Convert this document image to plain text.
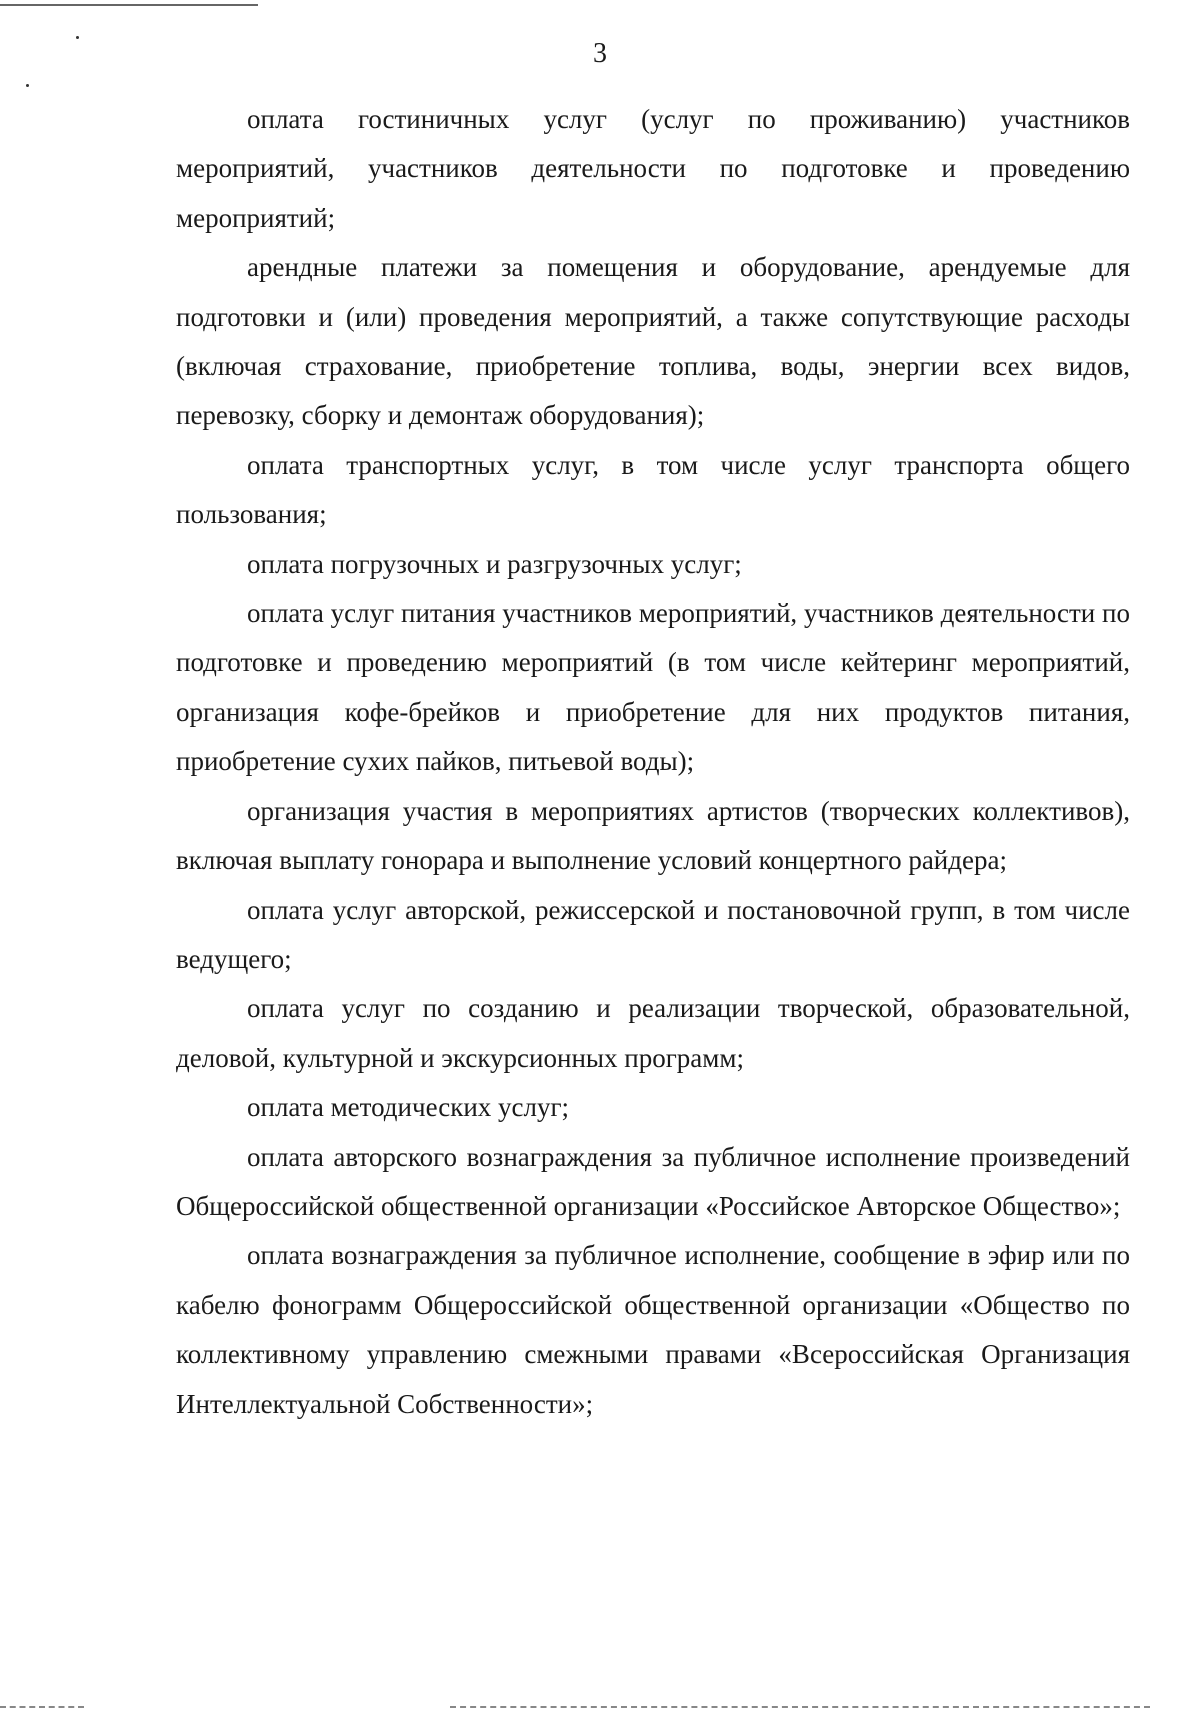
3

оплата гостиничных услуг (услуг по проживанию) участников мероприятий, участников деятельности по подготовке и проведению мероприятий;

арендные платежи за помещения и оборудование, арендуемые для подготовки и (или) проведения мероприятий, а также сопутствующие расходы (включая страхование, приобретение топлива, воды, энергии всех видов, перевозку, сборку и демонтаж оборудования);

оплата транспортных услуг, в том числе услуг транспорта общего пользования;

оплата погрузочных и разгрузочных услуг;

оплата услуг питания участников мероприятий, участников деятельности по подготовке и проведению мероприятий (в том числе кейтеринг мероприятий, организация кофе-брейков и приобретение для них продуктов питания, приобретение сухих пайков, питьевой воды);

организация участия в мероприятиях артистов (творческих коллективов), включая выплату гонорара и выполнение условий концертного райдера;

оплата услуг авторской, режиссерской и постановочной групп, в том числе ведущего;

оплата услуг по созданию и реализации творческой, образовательной, деловой, культурной и экскурсионных программ;

оплата методических услуг;

оплата авторского вознаграждения за публичное исполнение произведений Общероссийской общественной организации «Российское Авторское Общество»;

оплата вознаграждения за публичное исполнение, сообщение в эфир или по кабелю фонограмм Общероссийской общественной организации «Общество по коллективному управлению смежными правами «Всероссийская Организация Интеллектуальной Собственности»;
